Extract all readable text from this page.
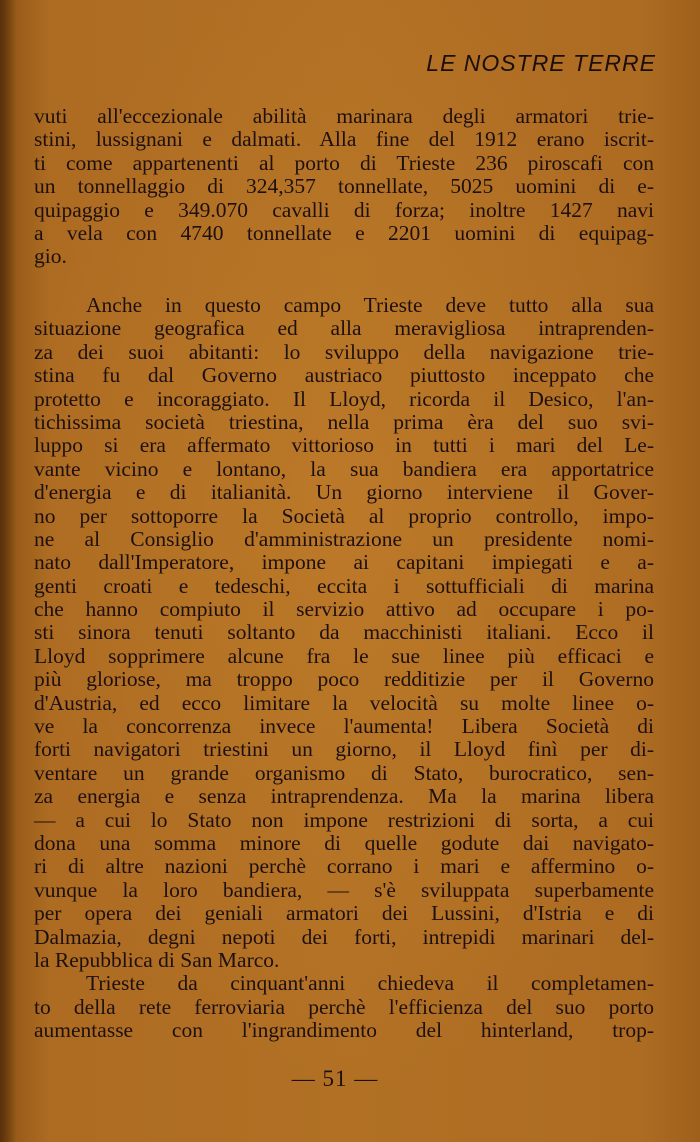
LE NOSTRE TERRE
vuti all'eccezionale abilità marinara degli armatori trie-
stini, lussignani e dalmati. Alla fine del 1912 erano iscrit-
ti come appartenenti al porto di Trieste 236 piroscafi con
un tonnellaggio di 324,357 tonnellate, 5025 uomini di e-
quipaggio e 349.070 cavalli di forza; inoltre 1427 navi
a vela con 4740 tonnellate e 2201 uomini di equipag-
gio.
Anche in questo campo Trieste deve tutto alla sua
situazione geografica ed alla meravigliosa intraprenden-
za dei suoi abitanti: lo sviluppo della navigazione trie-
stina fu dal Governo austriaco piuttosto inceppato che
protetto e incoraggiato. Il Lloyd, ricorda il Desico, l'an-
tichissima società triestina, nella prima èra del suo svi-
luppo si era affermato vittorioso in tutti i mari del Le-
vante vicino e lontano, la sua bandiera era apportatrice
d'energia e di italianità. Un giorno interviene il Gover-
no per sottoporre la Società al proprio controllo, impo-
ne al Consiglio d'amministrazione un presidente nomi-
nato dall'Imperatore, impone ai capitani impiegati e a-
genti croati e tedeschi, eccita i sottufficiali di marina
che hanno compiuto il servizio attivo ad occupare i po-
sti sinora tenuti soltanto da macchinisti italiani. Ecco il
Lloyd sopprimere alcune fra le sue linee più efficaci e
più gloriose, ma troppo poco redditizie per il Governo
d'Austria, ed ecco limitare la velocità su molte linee o-
ve la concorrenza invece l'aumenta! Libera Società di
forti navigatori triestini un giorno, il Lloyd finì per di-
ventare un grande organismo di Stato, burocratico, sen-
za energia e senza intraprendenza. Ma la marina libera
— a cui lo Stato non impone restrizioni di sorta, a cui
dona una somma minore di quelle godute dai navigato-
ri di altre nazioni perchè corrano i mari e affermino o-
vunque la loro bandiera, — s'è sviluppata superbamente
per opera dei geniali armatori dei Lussini, d'Istria e di
Dalmazia, degni nepoti dei forti, intrepidi marinari del-
la Repubblica di San Marco.
Trieste da cinquant'anni chiedeva il completamen-
to della rete ferroviaria perchè l'efficienza del suo porto
aumentasse con l'ingrandimento del hinterland, trop-
— 51 —
